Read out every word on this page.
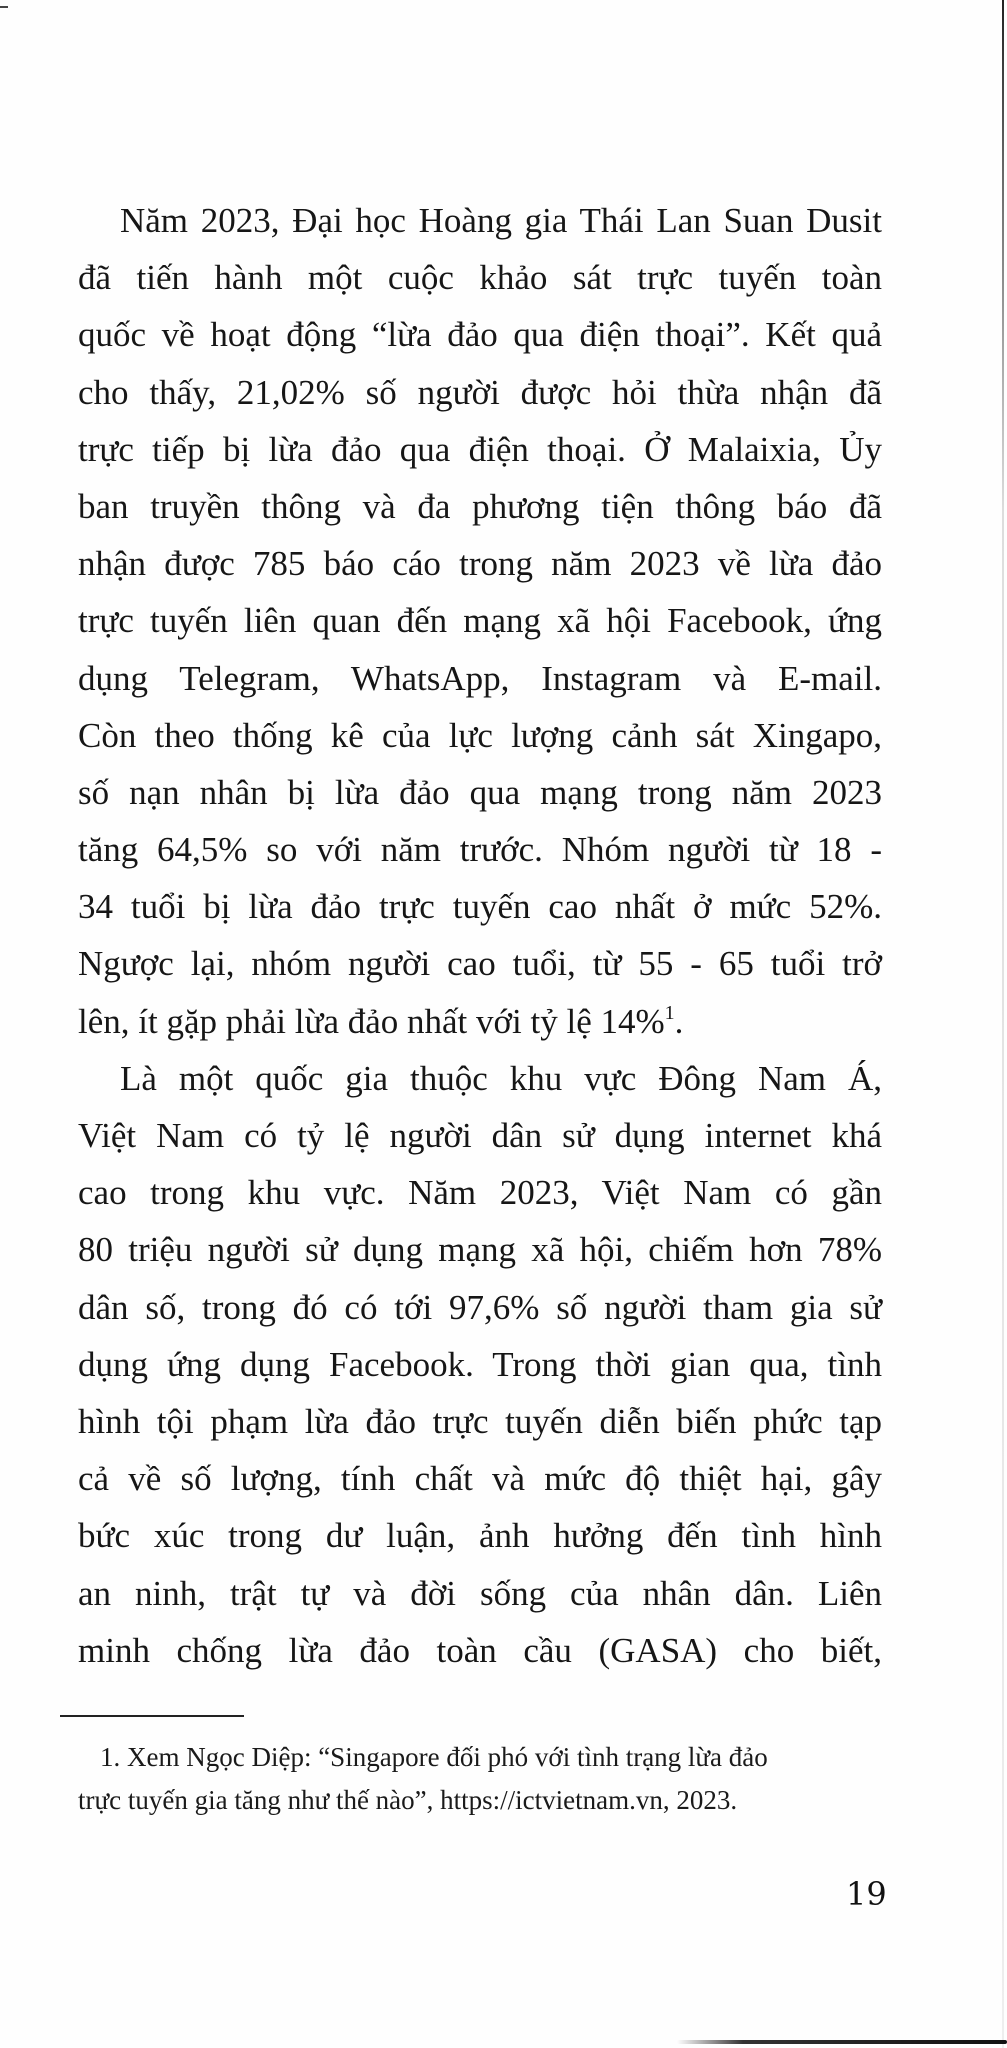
Năm 2023, Đại học Hoàng gia Thái Lan Suan Dusit
đã tiến hành một cuộc khảo sát trực tuyến toàn
quốc về hoạt động “lừa đảo qua điện thoại”. Kết quả
cho thấy, 21,02% số người được hỏi thừa nhận đã
trực tiếp bị lừa đảo qua điện thoại. Ở Malaixia, Ủy
ban truyền thông và đa phương tiện thông báo đã
nhận được 785 báo cáo trong năm 2023 về lừa đảo
trực tuyến liên quan đến mạng xã hội Facebook, ứng
dụng Telegram, WhatsApp, Instagram và E-mail.
Còn theo thống kê của lực lượng cảnh sát Xingapo,
số nạn nhân bị lừa đảo qua mạng trong năm 2023
tăng 64,5% so với năm trước. Nhóm người từ 18 -
34 tuổi bị lừa đảo trực tuyến cao nhất ở mức 52%.
Ngược lại, nhóm người cao tuổi, từ 55 - 65 tuổi trở
lên, ít gặp phải lừa đảo nhất với tỷ lệ 14%$^1$.
Là một quốc gia thuộc khu vực Đông Nam Á,
Việt Nam có tỷ lệ người dân sử dụng internet khá
cao trong khu vực. Năm 2023, Việt Nam có gần
80 triệu người sử dụng mạng xã hội, chiếm hơn 78%
dân số, trong đó có tới 97,6% số người tham gia sử
dụng ứng dụng Facebook. Trong thời gian qua, tình
hình tội phạm lừa đảo trực tuyến diễn biến phức tạp
cả về số lượng, tính chất và mức độ thiệt hại, gây
bức xúc trong dư luận, ảnh hưởng đến tình hình
an ninh, trật tự và đời sống của nhân dân. Liên
minh chống lừa đảo toàn cầu (GASA) cho biết,
1. Xem Ngọc Diệp: “Singapore đối phó với tình trạng lừa đảo
trực tuyến gia tăng như thế nào”, https://ictvietnam.vn, 2023.
19
